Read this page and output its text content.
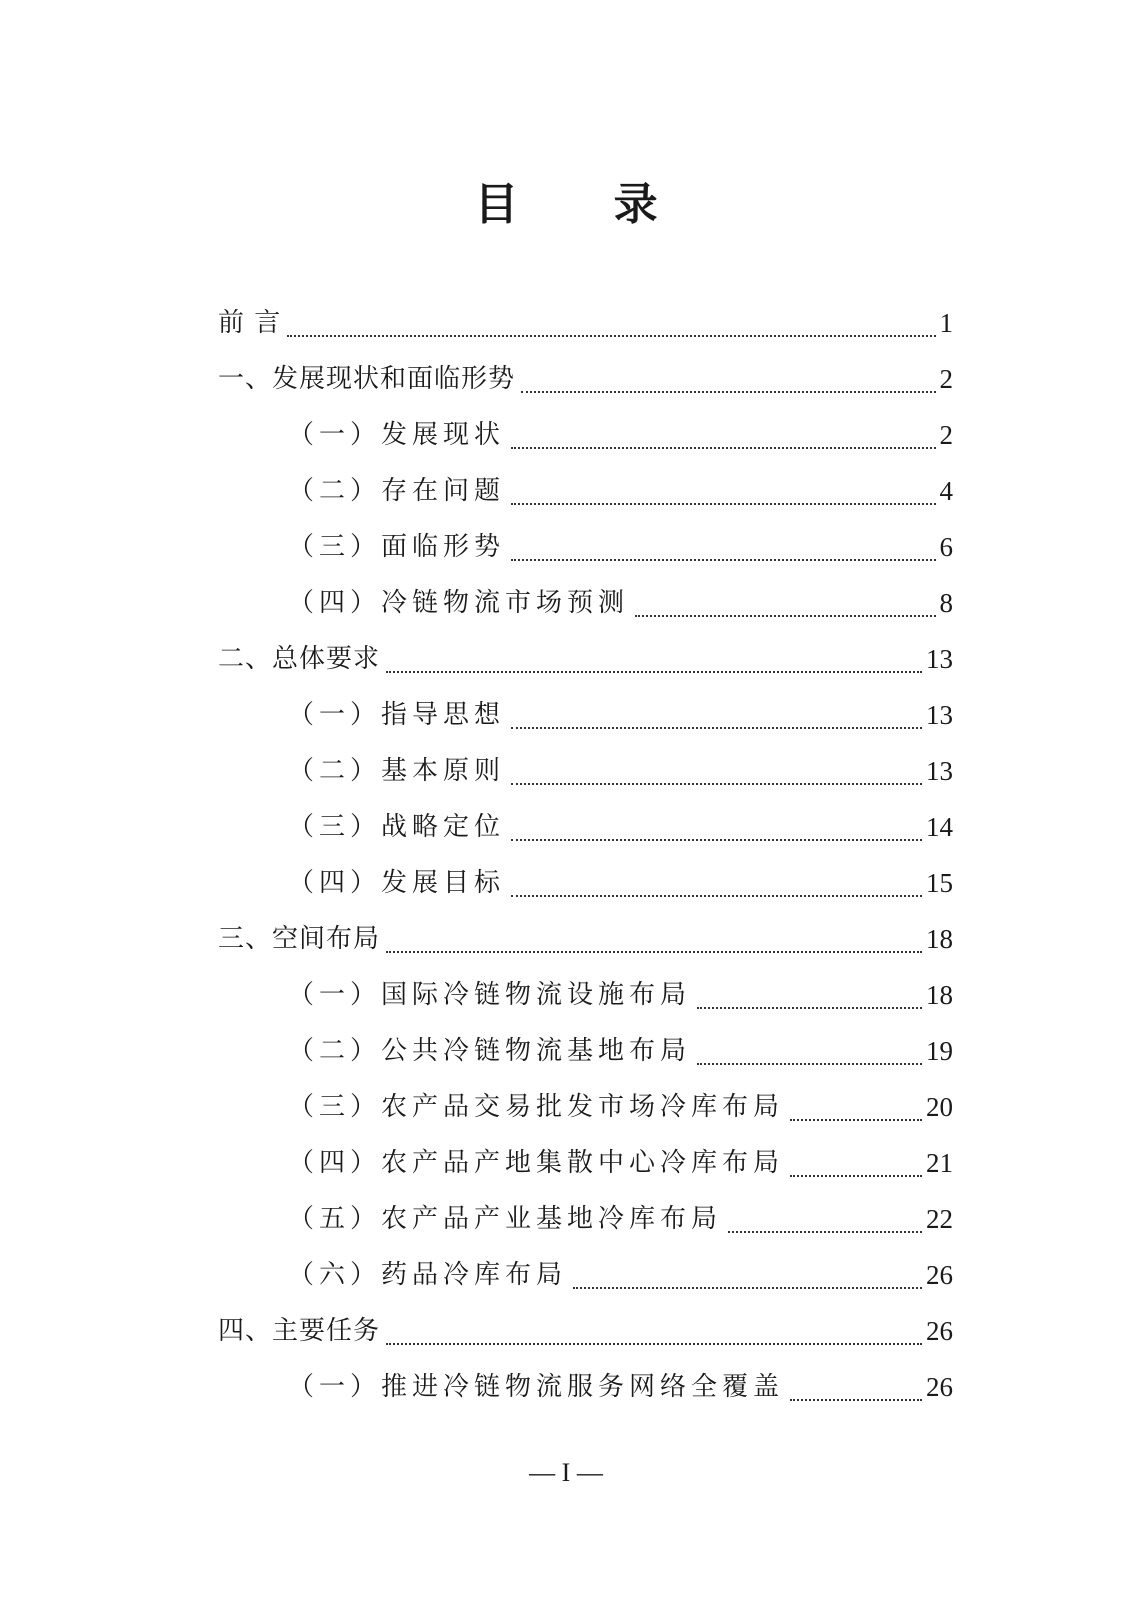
目 录
前 言	1
一、发展现状和面临形势	2
（一）发展现状	2
（二）存在问题	4
（三）面临形势	6
（四）冷链物流市场预测	8
二、总体要求	13
（一）指导思想	13
（二）基本原则	13
（三）战略定位	14
（四）发展目标	15
三、空间布局	18
（一）国际冷链物流设施布局	18
（二）公共冷链物流基地布局	19
（三）农产品交易批发市场冷库布局	20
（四）农产品产地集散中心冷库布局	21
（五）农产品产业基地冷库布局	22
（六）药品冷库布局	26
四、主要任务	26
（一）推进冷链物流服务网络全覆盖	26
— I —
